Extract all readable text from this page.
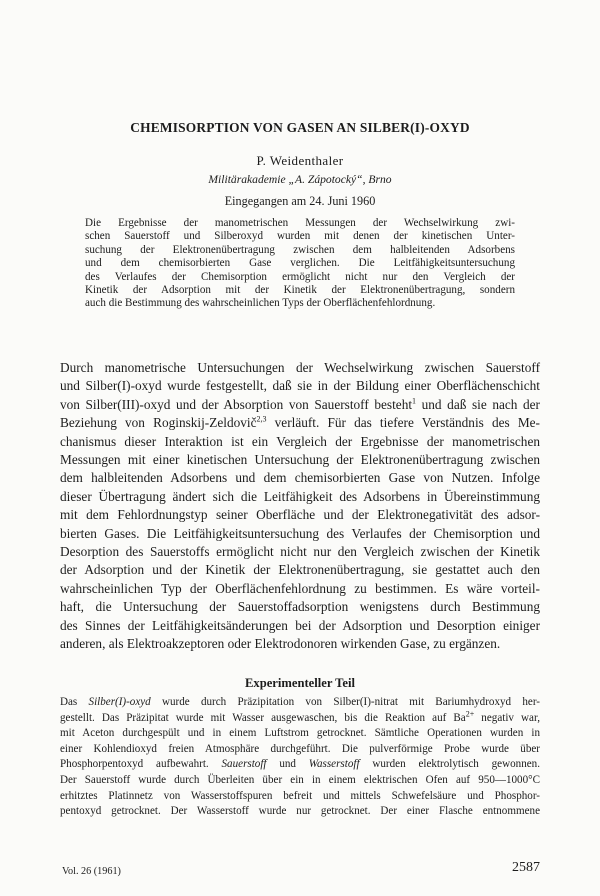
CHEMISORPTION VON GASEN AN SILBER(I)-OXYD
P. Weidenthaler
Militärakademie „A. Zápotocký“, Brno
Eingegangen am 24. Juni 1960
Die Ergebnisse der manometrischen Messungen der Wechselwirkung zwi-
schen Sauerstoff und Silberoxyd wurden mit denen der kinetischen Unter-
suchung der Elektronenübertragung zwischen dem halbleitenden Adsorbens
und dem chemisorbierten Gase verglichen. Die Leitfähigkeitsuntersuchung
des Verlaufes der Chemisorption ermöglicht nicht nur den Vergleich der
Kinetik der Adsorption mit der Kinetik der Elektronenübertragung, sondern
auch die Bestimmung des wahrscheinlichen Typs der Oberflächenfehlordnung.
Durch manometrische Untersuchungen der Wechselwirkung zwischen Sauerstoff
und Silber(I)-oxyd wurde festgestellt, daß sie in der Bildung einer Oberflächenschicht
von Silber(III)-oxyd und der Absorption von Sauerstoff besteht$^1$ und daß sie nach der
Beziehung von Roginskij-Zeldovič$^{2,3}$ verläuft. Für das tiefere Verständnis des Me-
chanismus dieser Interaktion ist ein Vergleich der Ergebnisse der manometrischen
Messungen mit einer kinetischen Untersuchung der Elektronenübertragung zwischen
dem halbleitenden Adsorbens und dem chemisorbierten Gase von Nutzen. Infolge
dieser Übertragung ändert sich die Leitfähigkeit des Adsorbens in Übereinstimmung
mit dem Fehlordnungstyp seiner Oberfläche und der Elektronegativität des adsor-
bierten Gases. Die Leitfähigkeitsuntersuchung des Verlaufes der Chemisorption und
Desorption des Sauerstoffs ermöglicht nicht nur den Vergleich zwischen der Kinetik
der Adsorption und der Kinetik der Elektronenübertragung, sie gestattet auch den
wahrscheinlichen Typ der Oberflächenfehlordnung zu bestimmen. Es wäre vorteil-
haft, die Untersuchung der Sauerstoffadsorption wenigstens durch Bestimmung
des Sinnes der Leitfähigkeitsänderungen bei der Adsorption und Desorption einiger
anderen, als Elektroakzeptoren oder Elektrodonoren wirkenden Gase, zu ergänzen.
Experimenteller Teil
Das Silber(I)-oxyd wurde durch Präzipitation von Silber(I)-nitrat mit Bariumhydroxyd her-
gestellt. Das Präzipitat wurde mit Wasser ausgewaschen, bis die Reaktion auf $Ba^{2+}$ negativ war,
mit Aceton durchgespült und in einem Luftstrom getrocknet. Sämtliche Operationen wurden in
einer Kohlendioxyd freien Atmosphäre durchgeführt. Die pulverförmige Probe wurde über
Phosphorpentoxyd aufbewahrt. Sauerstoff und Wasserstoff wurden elektrolytisch gewonnen.
Der Sauerstoff wurde durch Überleiten über ein in einem elektrischen Ofen auf 950—1000°C
erhitztes Platinnetz von Wasserstoffspuren befreit und mittels Schwefelsäure und Phosphor-
pentoxyd getrocknet. Der Wasserstoff wurde nur getrocknet. Der einer Flasche entnommene
Vol. 26 (1961)	2587
